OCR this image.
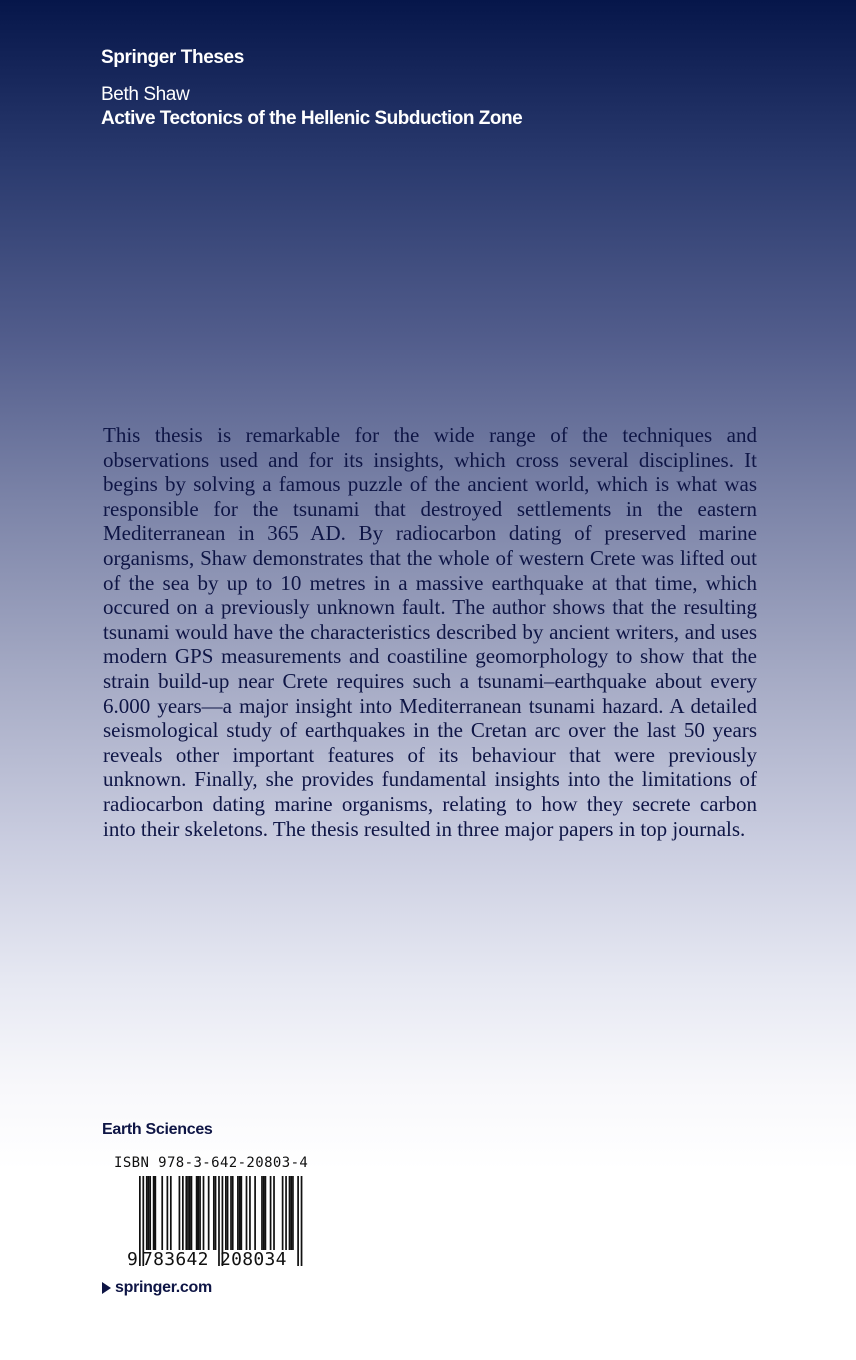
Springer Theses
Beth Shaw
Active Tectonics of the Hellenic Subduction Zone

This thesis is remarkable for the wide range of the techniques and observations used and for its insights, which cross several disciplines. It begins by solving a famous puzzle of the ancient world, which is what was responsible for the tsunami that destroyed settlements in the eastern Mediterranean in 365 AD. By radiocarbon dating of preserved marine organisms, Shaw demonstrates that the whole of western Crete was lifted out of the sea by up to 10 metres in a massive earthquake at that time, which occured on a previously unknown fault. The author shows that the resulting tsunami would have the characteristics described by ancient writers, and uses modern GPS measurements and coastiline geomorphology to show that the strain build-up near Crete requires such a tsunami–earthquake about every 6.000 years—a major insight into Mediterranean tsunami hazard. A detailed seismological study of earthquakes in the Cretan arc over the last 50 years reveals other important features of its behaviour that were previously unknown. Finally, she provides fundamental insights into the limitations of radiocarbon dating marine organisms, relating to how they secrete carbon into their skeletons. The thesis resulted in three major papers in top journals.

Earth Sciences
ISBN 978-3-642-20803-4
9 783642 208034
springer.com
